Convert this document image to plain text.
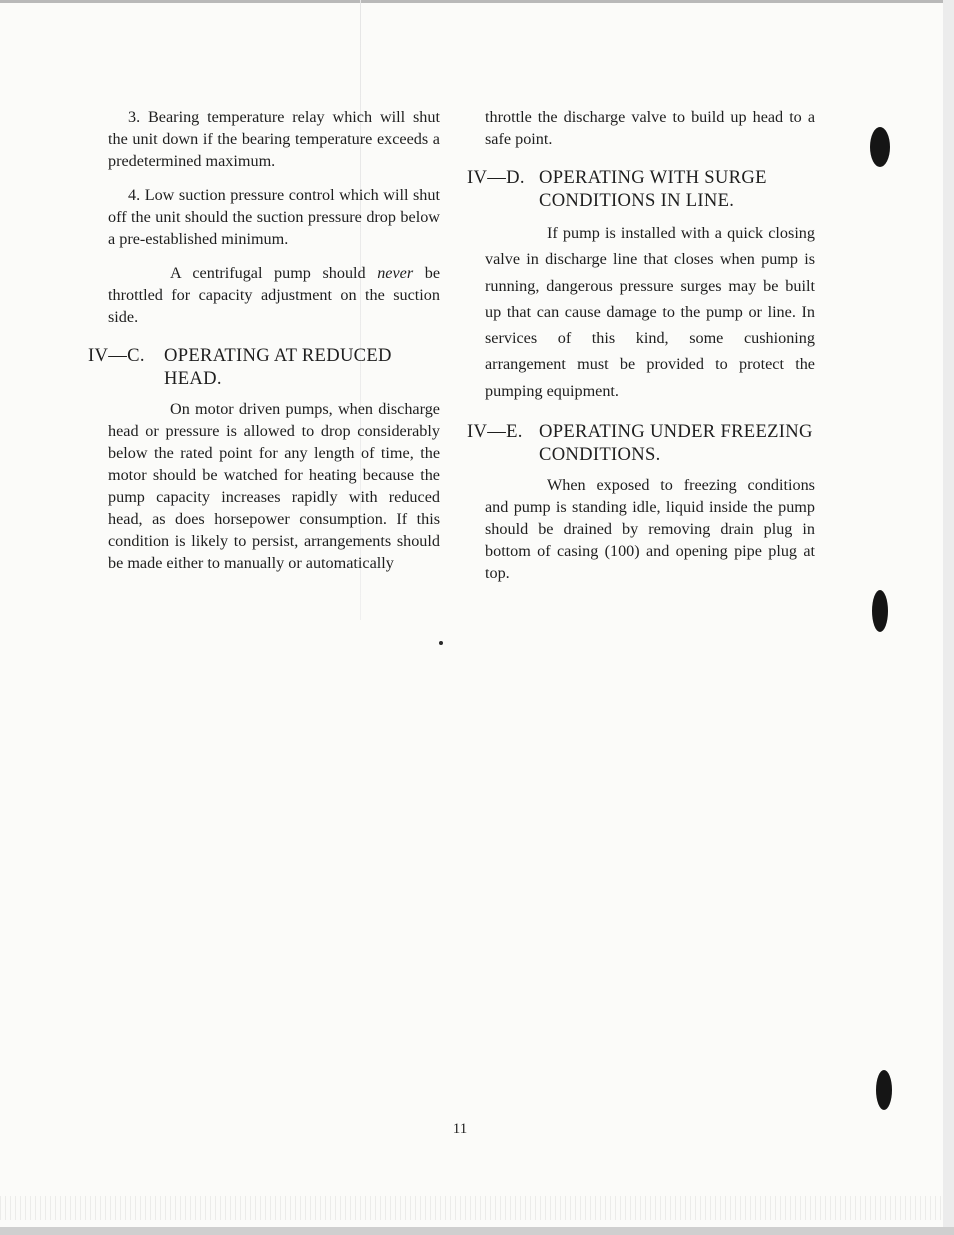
3. Bearing temperature relay which will shut the unit down if the bearing temperature exceeds a predetermined maximum.

4. Low suction pressure control which will shut off the unit should the suction pressure drop below a pre-established minimum.

A centrifugal pump should never be throttled for capacity adjustment on the suction side.

IV—C.	OPERATING AT REDUCED HEAD.

On motor driven pumps, when discharge head or pressure is allowed to drop considerably below the rated point for any length of time, the motor should be watched for heating because the pump capacity increases rapidly with reduced head, as does horsepower consumption. If this condition is likely to persist, arrangements should be made either to manually or automatically

throttle the discharge valve to build up head to a safe point.

IV—D. OPERATING WITH SURGE CONDITIONS IN LINE.

If pump is installed with a quick closing valve in discharge line that closes when pump is running, dangerous pressure surges may be built up that can cause damage to the pump or line. In services of this kind, some cushioning arrangement must be provided to protect the pumping equipment.

IV—E. OPERATING UNDER FREEZING CONDITIONS.

When exposed to freezing conditions and pump is standing idle, liquid inside the pump should be drained by removing drain plug in bottom of casing (100) and opening pipe plug at top.

11
